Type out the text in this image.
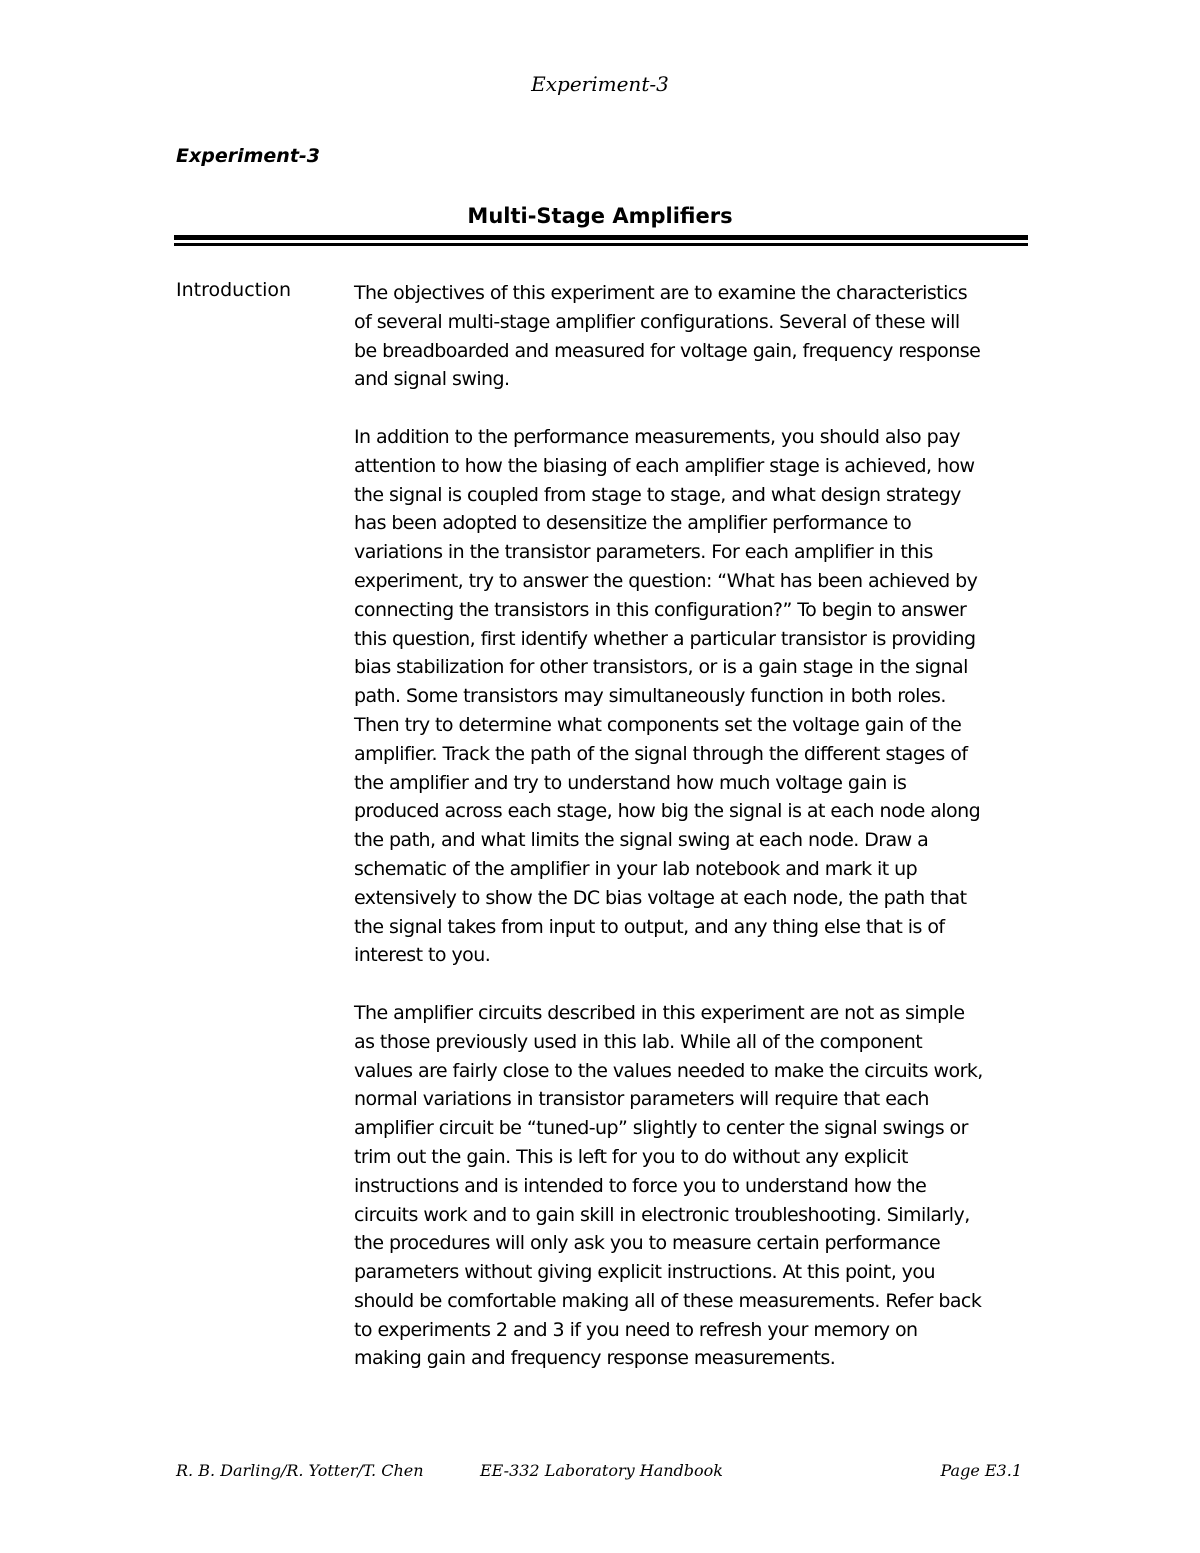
Experiment-3
Experiment-3
Multi-Stage Amplifiers
Introduction	The objectives of this experiment are to examine the characteristics
of several multi-stage amplifier configurations. Several of these will
be breadboarded and measured for voltage gain, frequency response
and signal swing.

In addition to the performance measurements, you should also pay
attention to how the biasing of each amplifier stage is achieved, how
the signal is coupled from stage to stage, and what design strategy
has been adopted to desensitize the amplifier performance to
variations in the transistor parameters. For each amplifier in this
experiment, try to answer the question: “What has been achieved by
connecting the transistors in this configuration?” To begin to answer
this question, first identify whether a particular transistor is providing
bias stabilization for other transistors, or is a gain stage in the signal
path. Some transistors may simultaneously function in both roles.
Then try to determine what components set the voltage gain of the
amplifier. Track the path of the signal through the different stages of
the amplifier and try to understand how much voltage gain is
produced across each stage, how big the signal is at each node along
the path, and what limits the signal swing at each node. Draw a
schematic of the amplifier in your lab notebook and mark it up
extensively to show the DC bias voltage at each node, the path that
the signal takes from input to output, and any thing else that is of
interest to you.

The amplifier circuits described in this experiment are not as simple
as those previously used in this lab. While all of the component
values are fairly close to the values needed to make the circuits work,
normal variations in transistor parameters will require that each
amplifier circuit be “tuned-up” slightly to center the signal swings or
trim out the gain. This is left for you to do without any explicit
instructions and is intended to force you to understand how the
circuits work and to gain skill in electronic troubleshooting. Similarly,
the procedures will only ask you to measure certain performance
parameters without giving explicit instructions. At this point, you
should be comfortable making all of these measurements. Refer back
to experiments 2 and 3 if you need to refresh your memory on
making gain and frequency response measurements.

R. B. Darling/R. Yotter/T. Chen	EE-332 Laboratory Handbook	Page E3.1
